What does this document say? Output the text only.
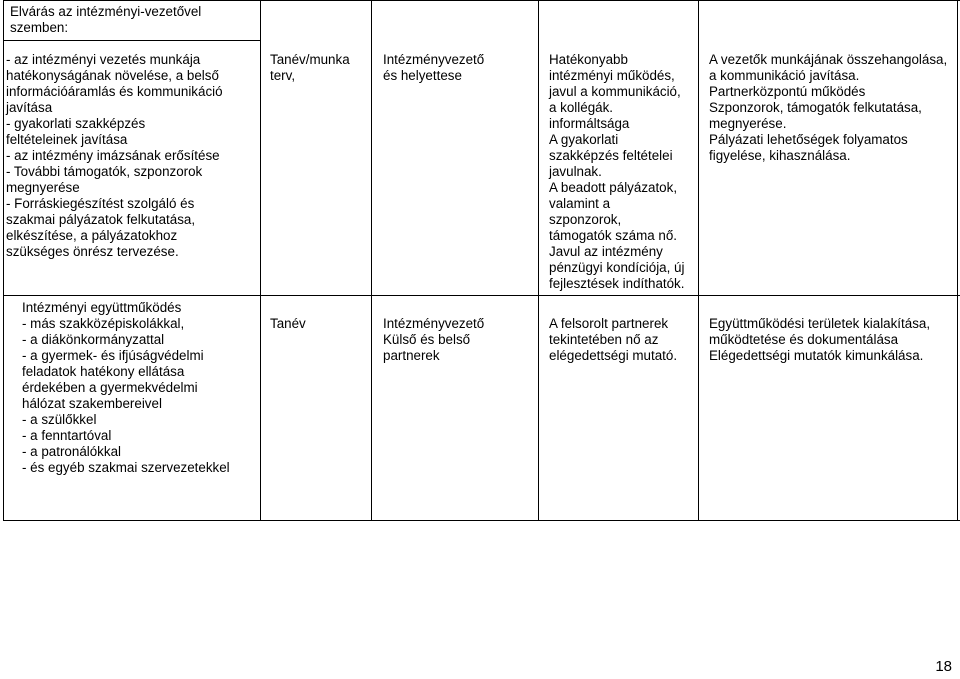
Elvárás az intézményi-vezetővel
szemben:
- az intézményi vezetés munkája
hatékonyságának növelése, a belső
információáramlás és kommunikáció
javítása
- gyakorlati szakképzés
feltételeinek javítása
- az intézmény imázsának erősítése
- További támogatók, szponzorok
megnyerése
- Forráskiegészítést szolgáló és
szakmai pályázatok felkutatása,
elkészítése, a pályázatokhoz
szükséges önrész tervezése.
Tanév/munka
terv,
Intézményvezető
és helyettese
Hatékonyabb
intézményi működés,
javul a kommunikáció,
a kollégák.
informáltsága
A gyakorlati
szakképzés feltételei
javulnak.
A beadott pályázatok,
valamint a
szponzorok,
támogatók száma nő.
Javul az intézmény
pénzügyi kondíciója, új
fejlesztések indíthatók.
A vezetők munkájának összehangolása,
a kommunikáció javítása.
Partnerközpontú működés
Szponzorok, támogatók felkutatása,
megnyerése.
Pályázati lehetőségek folyamatos
figyelése, kihasználása.
Intézményi együttműködés
- más szakközépiskolákkal,
- a diákönkormányzattal
- a gyermek- és ifjúságvédelmi
feladatok hatékony ellátása
érdekében a gyermekvédelmi
hálózat szakembereivel
- a szülőkkel
- a fenntartóval
- a patronálókkal
- és egyéb szakmai szervezetekkel
Tanév	Intézményvezető
Külső és belső
partnerek
A felsorolt partnerek
tekintetében nő az
elégedettségi mutató.
Együttműködési területek kialakítása,
működtetése és dokumentálása
Elégedettségi mutatók kimunkálása.
18
